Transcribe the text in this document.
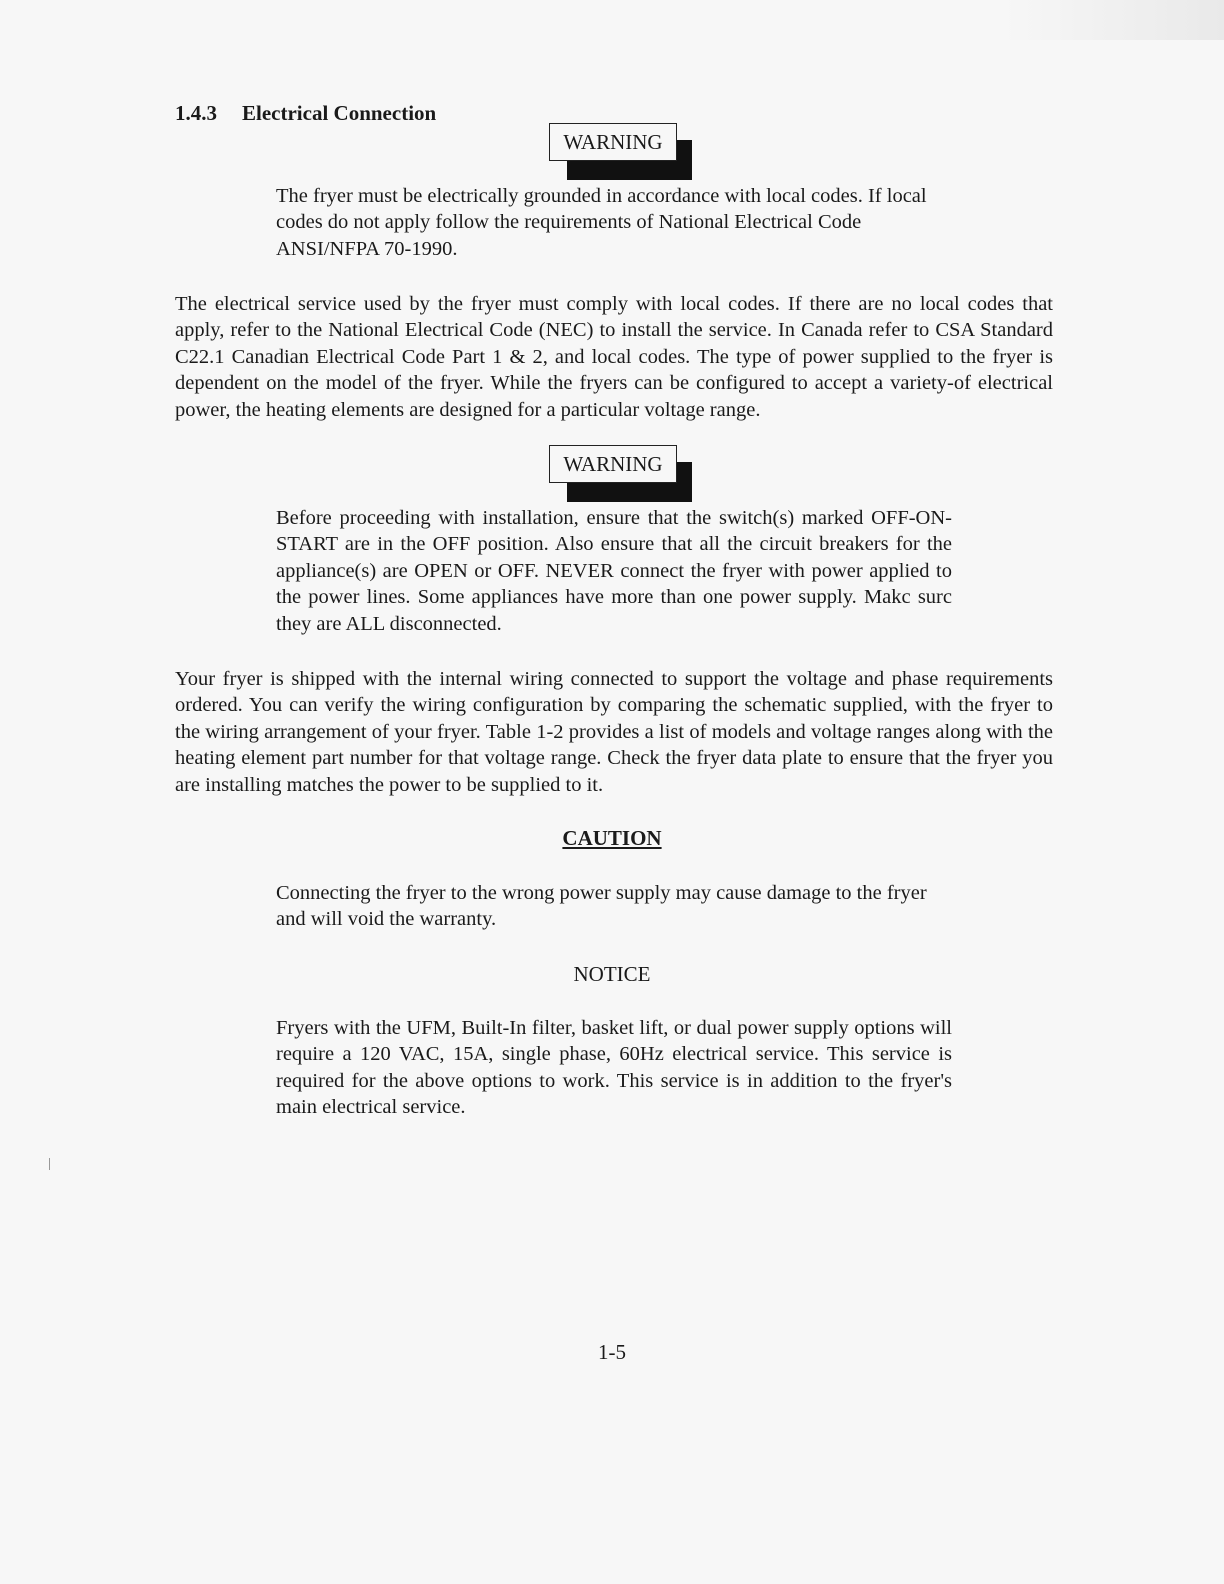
1.4.3 Electrical Connection
WARNING

The fryer must be electrically grounded in accordance with local codes. If local codes do not apply follow the requirements of National Electrical Code ANSI/NFPA 70-1990.

The electrical service used by the fryer must comply with local codes. If there are no local codes that apply, refer to the National Electrical Code (NEC) to install the service. In Canada refer to CSA Standard C22.1 Canadian Electrical Code Part 1 & 2, and local codes. The type of power supplied to the fryer is dependent on the model of the fryer. While the fryers can be configured to accept a variety-of electrical power, the heating elements are designed for a particular voltage range.

WARNING

Before proceeding with installation, ensure that the switch(s) marked OFF-ON-START are in the OFF position. Also ensure that all the circuit breakers for the appliance(s) are OPEN or OFF. NEVER connect the fryer with power applied to the power lines. Some appliances have more than one power supply. Makc surc they are ALL disconnected.

Your fryer is shipped with the internal wiring connected to support the voltage and phase requirements ordered. You can verify the wiring configuration by comparing the schematic supplied, with the fryer to the wiring arrangement of your fryer. Table 1-2 provides a list of models and voltage ranges along with the heating element part number for that voltage range. Check the fryer data plate to ensure that the fryer you are installing matches the power to be supplied to it.

CAUTION

Connecting the fryer to the wrong power supply may cause damage to the fryer and will void the warranty.

NOTICE

Fryers with the UFM, Built-In filter, basket lift, or dual power supply options will require a 120 VAC, 15A, single phase, 60Hz electrical service. This service is required for the above options to work. This service is in addition to the fryer's main electrical service.

1-5
